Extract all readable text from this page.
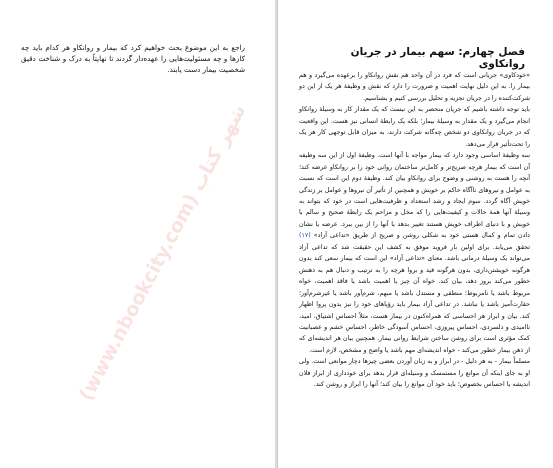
راجع به این موضوع بحث خواهیم کرد که بیمار و روانکاو هر کدام باید چه کارها و چه مسئولیت‌هایی را عهده‌دار گردند تا نهایتاً به درک و شناخت دقیق شخصیت بیمار دست یابند.

(www.nbookcity.com) شهر کتاب
فصل چهارم: سهم بیمار در جریان روانکاوی

«خودکاوی» جریانی است که فرد در آن واحد هم نقش روانکاو را برعهده می‌گیرد و هم بیمار را. به این دلیل نهایت اهمیت و ضرورت را دارد که نقش و وظیفهٔ هر یک از این دو شرکت‌کننده را در جریان تجزیه و تحلیل بررسی کنیم و بشناسیم.

باید توجه داشته باشیم که جریان منحصر به این نیست که یک مقدار کار به وسیلهٔ روانکاو انجام می‌گیرد و یک مقدار به وسیلهٔ بیمار؛ بلکه یک رابطهٔ انسانی نیز هست. این واقعیت که در جریان روانکاوی دو شخص چه‌گانه شرکت دارند، به میزان قابل توجهی کار هر یک را تحت‌تأثیر قرار می‌دهد.

سه وظیفهٔ اساسی وجود دارد که بیمار مواجه با آنها است. وظیفهٔ اول از این سه وظیفه آن است که بیمار هرچه صریح‌تر و کامل‌تر ساختمان روانی خود را بر روانکاو عرضه کند؛ آنچه را هست به روشنی و وضوح برای روانکاو بیان کند. وظیفهٔ دوم این است که نسبت به عوامل و نیروهای ناآگاه حاکم بر خویش و همچنین از تأثیر آن نیروها و عوامل بر زندگی خویش آگاه گردد. سوم ایجاد و رشد استعداد و ظرفیت‌هایی است در خود که بتواند به وسیلهٔ آنها همهٔ حالات و کیفیت‌هایی را که مخل و مزاحم یک رابطهٔ صحیح و سالم با خویش و با دنیای اطراف خویش هستند تغییر بدهد یا آنها را از بین ببرد. عرضه یا نشان دادن تمام و کمال هستی خود به شکلی روشن و صریح از طریق «تداعی آزاد» (۱۷) تحقق می‌یابد. برای اولین بار فروید موفق به کشف این حقیقت شد که تداعی آزاد می‌تواند یک وسیلهٔ درمانی باشد. معنای «تداعی آزاد» این است که بیمار سعی کند بدون هرگونه خویشتن‌داری، بدون هرگونه قید و بروا هرچه را به ترتیب و دنبال هم به ذهنش خطور می‌کند بروز دهد، بیان کند. خواه آن چیز یا اهمیت باشد یا فاقد اهمیت، خواه مربوط باشد یا نامربوط؛ منطقی و مستدل باشد یا مبهم، شرم‌آور باشد یا غیرشرم‌آور؛ حقارت‌آمیز باشد یا نباشد. در تداعی آزاد بیمار باید رؤیاهای خود را نیز بدون پروا اظهار کند. بیان و ابراز هر احساسی که همراه‌کنون در بیمار هست، مثلاً احساس اشتیاق، امید، ناامیدی و دلسردی، احساس پیروزی، احساس آسودگی خاطر، احساس خشم و عصبانیت کمک مؤثری است برای روشن ساختن شرایط روانی بیمار. همچنین بیان هر اندیشه‌ای که از ذهن بیمار خطور می‌کند - خواه اندیشه‌ای مهم باشد یا واضح و مشخص، لازم است.

مسلماً بیمار - به هر دلیل - در ابراز و به زبان آوردن بعضی چیزها دچار موانعی است. ولی او به جای اینکه آن موانع را مستمسک و وسیله‌ای قرار بدهد برای خودداری از ابراز فلان اندیشه یا احساس بخصوص؛ باید خود آن موانع را بیان کند؛ آنها را ابراز و روشن کند.
